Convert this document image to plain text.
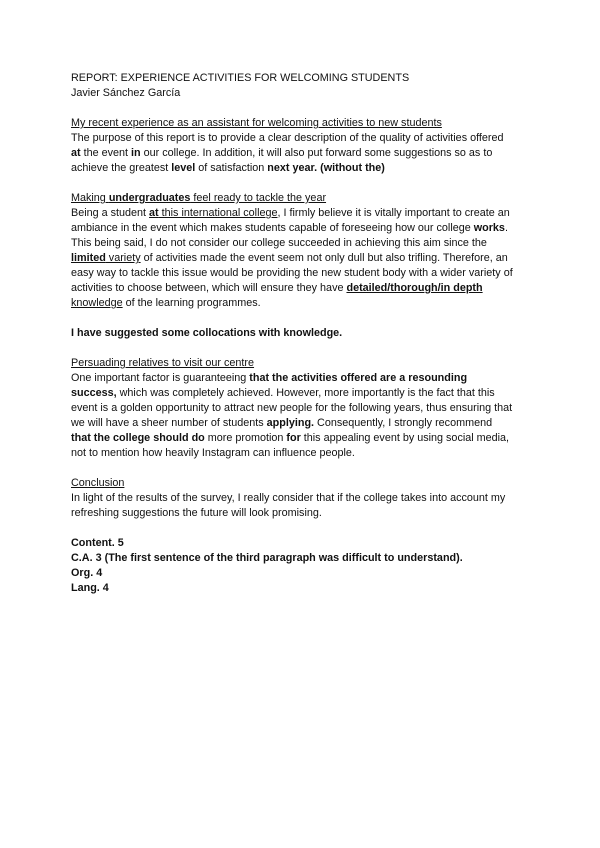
REPORT: EXPERIENCE ACTIVITIES FOR WELCOMING STUDENTS
Javier Sánchez García
My recent experience as an assistant for welcoming activities to new students
The purpose of this report is to provide a clear description of the quality of activities offered
at the event in our college. In addition, it will also put forward some suggestions so as to
achieve the greatest level of satisfaction next year. (without the)
Making undergraduates feel ready to tackle the year
Being a student at this international college, I firmly believe it is vitally important to create an
ambiance in the event which makes students capable of foreseeing how our college works.
This being said, I do not consider our college succeeded in achieving this aim since the
limited variety of activities made the event seem not only dull but also trifling. Therefore, an
easy way to tackle this issue would be providing the new student body with a wider variety of
activities to choose between, which will ensure they have detailed/thorough/in depth
knowledge of the learning programmes.
I have suggested some collocations with knowledge.
Persuading relatives to visit our centre
One important factor is guaranteeing that the activities offered are a resounding
success, which was completely achieved. However, more importantly is the fact that this
event is a golden opportunity to attract new people for the following years, thus ensuring that
we will have a sheer number of students applying. Consequently, I strongly recommend
that the college should do more promotion for this appealing event by using social media,
not to mention how heavily Instagram can influence people.
Conclusion
In light of the results of the survey, I really consider that if the college takes into account my
refreshing suggestions the future will look promising.
Content. 5
C.A. 3 (The first sentence of the third paragraph was difficult to understand).
Org. 4
Lang. 4
